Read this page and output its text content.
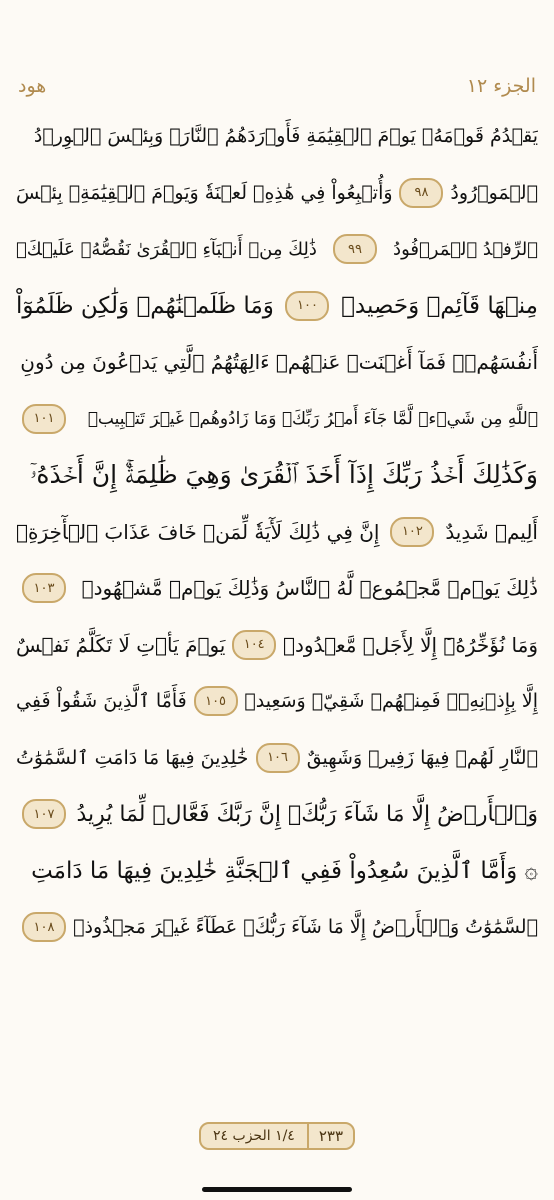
الجزء ١٢
هود
يَقۡدُمُ قَوۡمَهُۥ يَوۡمَ ٱلۡقِيَٰمَةِ فَأَوۡرَدَهُمُ ٱلنَّارَۖ وَبِئۡسَ ٱلۡوِرۡدُ
ٱلۡمَوۡرُودُ
٩٨
وَأُتۡبِعُواْ فِي هَٰذِهِۦ لَعۡنَةٗ وَيَوۡمَ ٱلۡقِيَٰمَةِۚ بِئۡسَ
ٱلرِّفۡدُ ٱلۡمَرۡفُودُ
٩٩
ذَٰلِكَ مِنۡ أَنۢبَآءِ ٱلۡقُرَىٰ نَقُصُّهُۥ عَلَيۡكَۖ
مِنۡهَا قَآئِمٞ وَحَصِيدٞ
١٠٠
وَمَا ظَلَمۡنَٰهُمۡ وَلَٰكِن ظَلَمُوٓاْ
أَنفُسَهُمۡۖ فَمَآ أَغۡنَتۡ عَنۡهُمۡ ءَالِهَتُهُمُ ٱلَّتِي يَدۡعُونَ مِن دُونِ
ٱللَّهِ مِن شَيۡءٖ لَّمَّا جَآءَ أَمۡرُ رَبِّكَۖ وَمَا زَادُوهُمۡ غَيۡرَ تَتۡبِيبٖ
١٠١
وَكَذَٰلِكَ أَخۡذُ رَبِّكَ إِذَآ أَخَذَ ٱلۡقُرَىٰ وَهِيَ ظَٰلِمَةٌۚ إِنَّ أَخۡذَهُۥٓ
أَلِيمٞ شَدِيدٌ
١٠٢
إِنَّ فِي ذَٰلِكَ لَأٓيَةٗ لِّمَنۡ خَافَ عَذَابَ ٱلۡأٓخِرَةِۚ
ذَٰلِكَ يَوۡمٞ مَّجۡمُوعٞ لَّهُ ٱلنَّاسُ وَذَٰلِكَ يَوۡمٞ مَّشۡهُودٞ
١٠٣
وَمَا نُؤَخِّرُهُۥٓ إِلَّا لِأَجَلٖ مَّعۡدُودٖ
١٠٤
يَوۡمَ يَأۡتِ لَا تَكَلَّمُ نَفۡسٌ
إِلَّا بِإِذۡنِهِۦۚ فَمِنۡهُمۡ شَقِيّٞ وَسَعِيدٞ
١٠٥
فَأَمَّا ٱلَّذِينَ شَقُواْ فَفِي
ٱلنَّارِ لَهُمۡ فِيهَا زَفِيرٞ وَشَهِيقٌ
١٠٦
خَٰلِدِينَ فِيهَا مَا دَامَتِ ٱلسَّمَٰوَٰتُ
وَٱلۡأَرۡضُ إِلَّا مَا شَآءَ رَبُّكَۚ إِنَّ رَبَّكَ فَعَّالٞ لِّمَا يُرِيدُ
١٠٧
۞ وَأَمَّا ٱلَّذِينَ سُعِدُواْ فَفِي ٱلۡجَنَّةِ خَٰلِدِينَ فِيهَا مَا دَامَتِ
ٱلسَّمَٰوَٰتُ وَٱلۡأَرۡضُ إِلَّا مَا شَآءَ رَبُّكَۖ عَطَآءً غَيۡرَ مَجۡذُوذٖ
١٠٨
٢٣٣
١/٤ الحزب ٢٤
